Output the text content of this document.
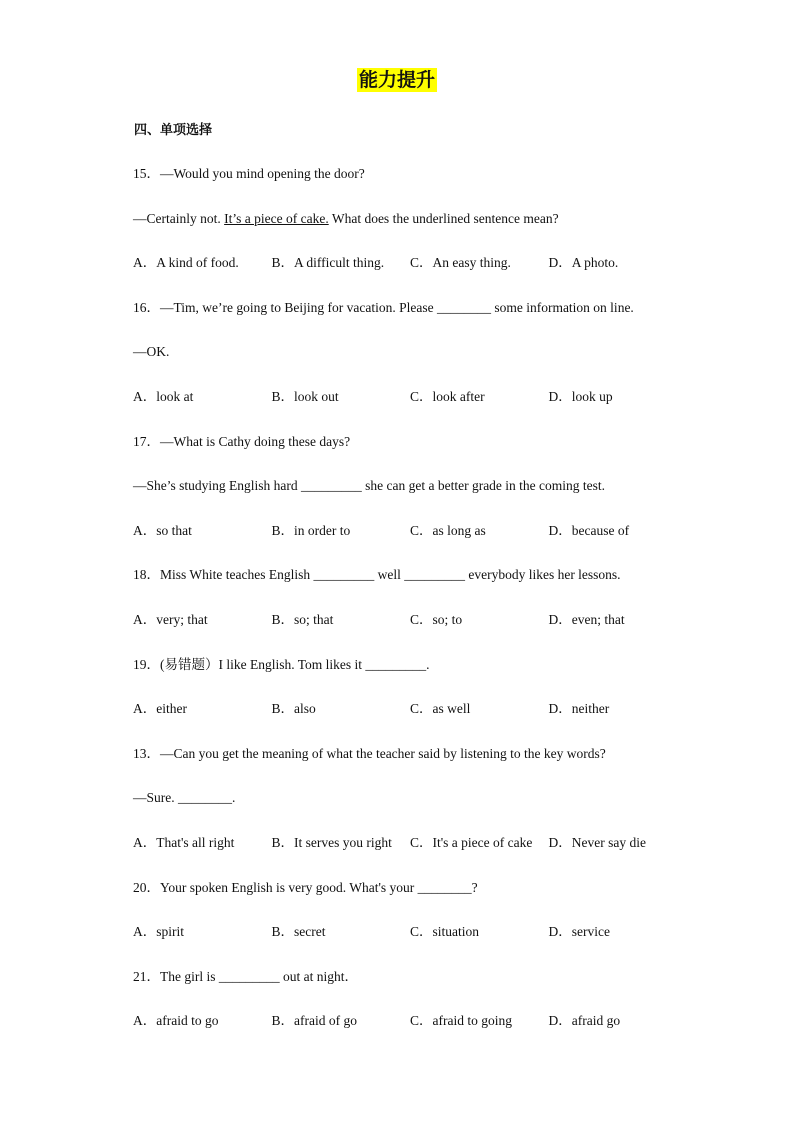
能力提升
四、单项选择
15．—Would you mind opening the door?
—Certainly not. It’s a piece of cake. What does the underlined sentence mean?
A．A kind of food. B．A difficult thing. C．An easy thing.	D．A photo.
16．—Tim, we’re going to Beijing for vacation. Please ________ some information on line.
—OK.
A．look at	B．look out	C．look after	D．look up
17．—What is Cathy doing these days?
—She’s studying English hard _________ she can get a better grade in the coming test.
A．so that	B．in order to	C．as long as	D．because of
18．Miss White teaches English _________ well _________ everybody likes her lessons.
A．very; that	B．so; that	C．so; to	D．even; that
19．(易错题）I like English. Tom likes it _________.
A．either	B．also	C．as well	D．neither
13．—Can you get the meaning of what the teacher said by listening to the key words?
—Sure. ________.
A．That's all right	B．It serves you right C．It's a piece of cake D．Never say die
20．Your spoken English is very good. What's your ________?
A．spirit	B．secret	C．situation	D．service
21．The girl is _________ out at night．
A．afraid to go	B．afraid of go	C．afraid to going	D．afraid go
